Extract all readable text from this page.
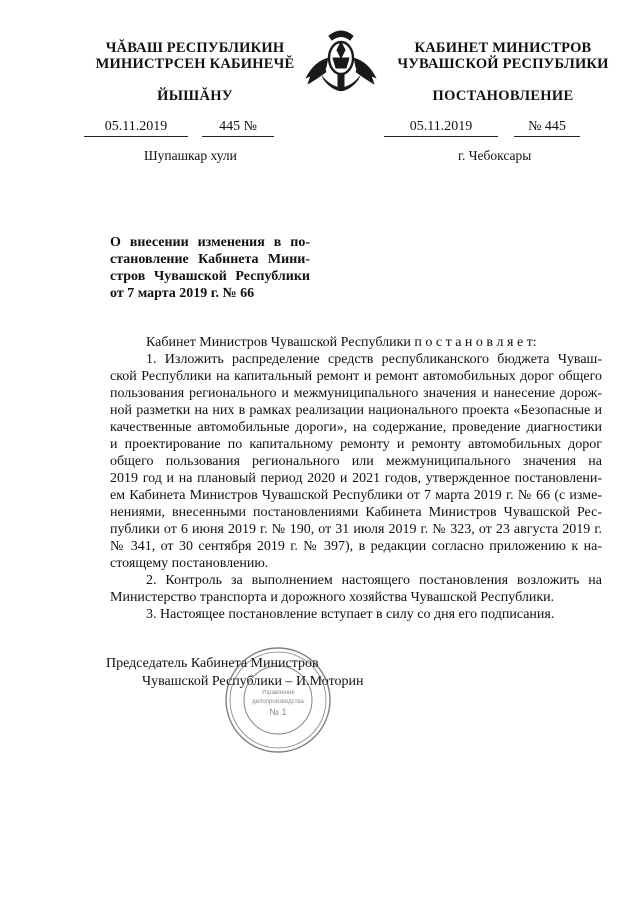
ЧĂВАШ РЕСПУБЛИКИН
МИНИСТРСЕН КАБИНЕЧĔ
ЙЫШĂНУ
КАБИНЕТ МИНИСТРОВ
ЧУВАШСКОЙ РЕСПУБЛИКИ
ПОСТАНОВЛЕНИЕ
05.11.2019	445 №	05.11.2019	№ 445
Шупашкар хули	г. Чебоксары
О внесении изменения в по-
становление Кабинета Мини-
стров Чувашской Республики
от 7 марта 2019 г. № 66
Кабинет Министров Чувашской Республики п о с т а н о в л я е т:
1. Изложить распределение средств республиканского бюджета Чуваш-
ской Республики на капитальный ремонт и ремонт автомобильных дорог общего
пользования регионального и межмуниципального значения и нанесение дорож-
ной разметки на них в рамках реализации национального проекта «Безопасные и
качественные автомобильные дороги», на содержание, проведение диагностики
и проектирование по капитальному ремонту и ремонту автомобильных дорог
общего пользования регионального или межмуниципального значения на
2019 год и на плановый период 2020 и 2021 годов, утвержденное постановлени-
ем Кабинета Министров Чувашской Республики от 7 марта 2019 г. № 66 (с изме-
нениями, внесенными постановлениями Кабинета Министров Чувашской Рес-
публики от 6 июня 2019 г. № 190, от 31 июля 2019 г. № 323, от 23 августа 2019 г.
№ 341, от 30 сентября 2019 г. № 397), в редакции согласно приложению к на-
стоящему постановлению.
2. Контроль за выполнением настоящего постановления возложить на
Министерство транспорта и дорожного хозяйства Чувашской Республики.
3. Настоящее постановление вступает в силу со дня его подписания.
Председатель Кабинета Министров
Чувашской Республики – И.Моторин
Управление
делопроизводства
№ 1
